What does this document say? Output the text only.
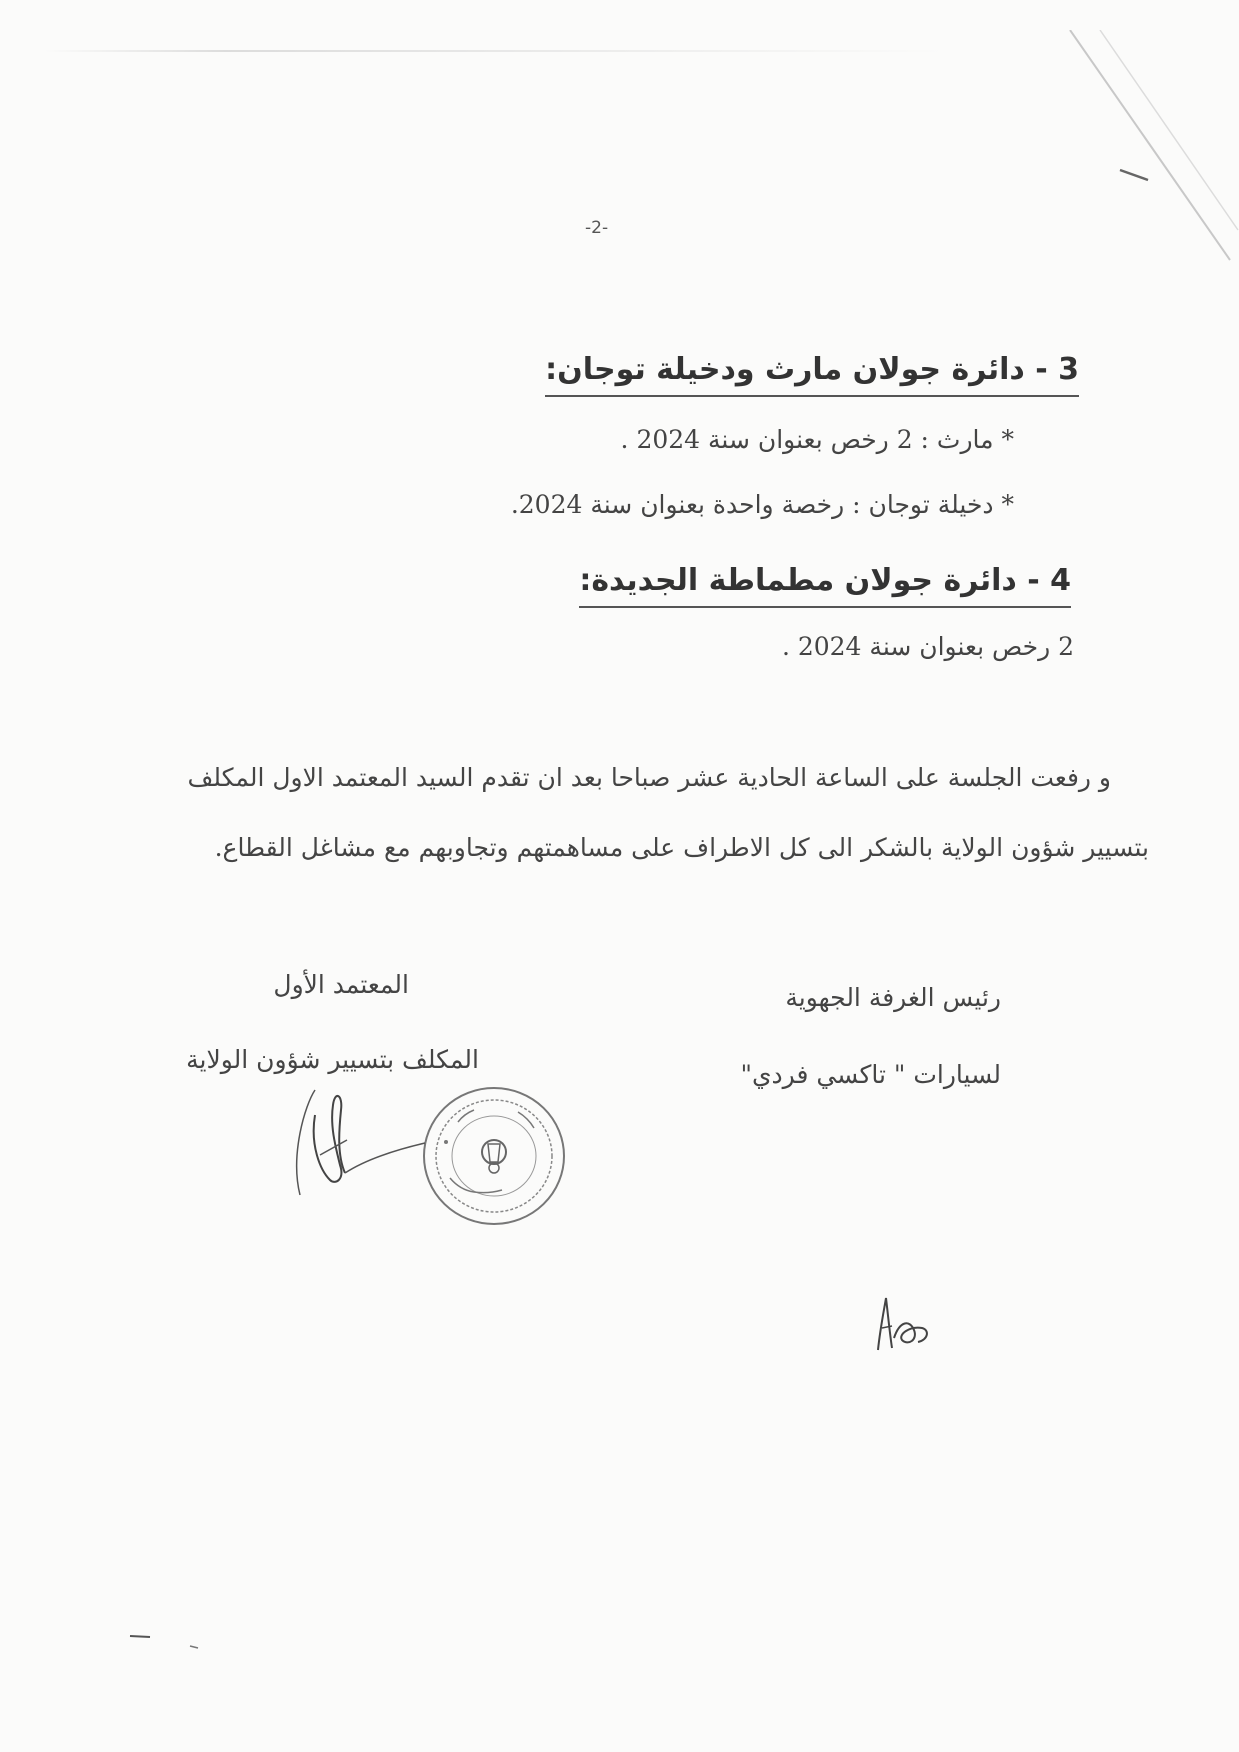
-2-
3 - دائرة جولان مارث ودخيلة توجان:
* مارث : 2 رخص بعنوان سنة 2024 .
* دخيلة توجان : رخصة واحدة بعنوان سنة 2024.
4 - دائرة جولان مطماطة الجديدة:
2 رخص بعنوان سنة 2024 .
و رفعت الجلسة على الساعة الحادية عشر صباحا بعد ان تقدم السيد المعتمد الاول المكلف
بتسيير شؤون الولاية بالشكر الى كل الاطراف على مساهمتهم وتجاوبهم مع مشاغل القطاع.
رئيس الغرفة الجهوية
لسيارات " تاكسي فردي"
المعتمد الأول
المكلف بتسيير شؤون الولاية
